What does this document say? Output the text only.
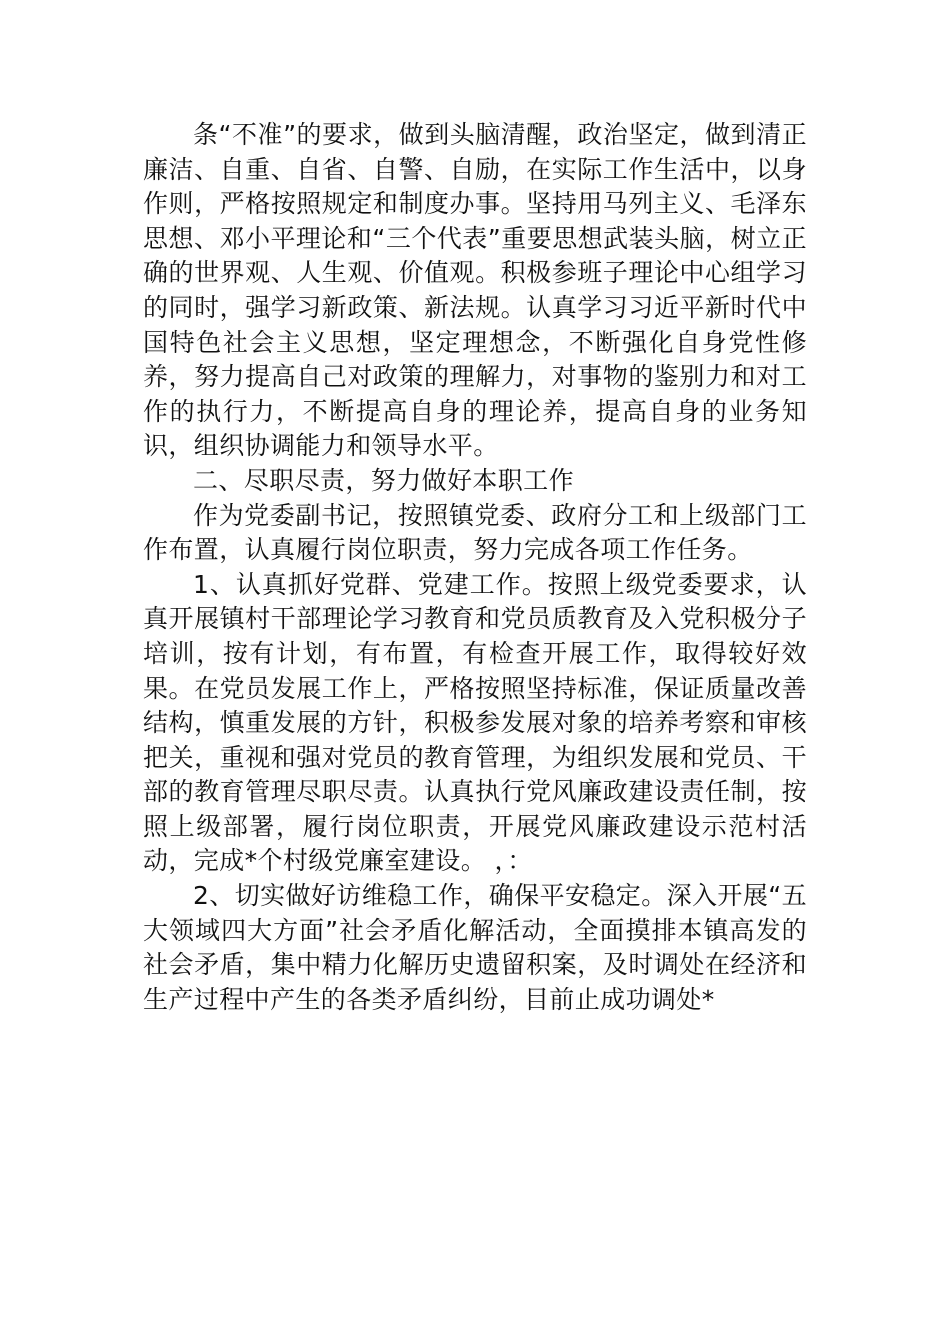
条“不准”的要求，做到头脑清醒，政治坚定，做到清正廉洁、自重、自省、自警、自励，在实际工作生活中，以身作则，严格按照规定和制度办事。坚持用马列主义、毛泽东思想、邓小平理论和“三个代表”重要思想武装头脑，树立正确的世界观、人生观、价值观。积极参班子理论中心组学习的同时，强学习新政策、新法规。认真学习习近平新时代中国特色社会主义思想，坚定理想念，不断强化自身党性修养，努力提高自己对政策的理解力，对事物的鉴别力和对工作的执行力，不断提高自身的理论养，提高自身的业务知识，组织协调能力和领导水平。

二、尽职尽责，努力做好本职工作

作为党委副书记，按照镇党委、政府分工和上级部门工作布置，认真履行岗位职责，努力完成各项工作任务。

1、认真抓好党群、党建工作。按照上级党委要求，认真开展镇村干部理论学习教育和党员质教育及入党积极分子培训，按有计划，有布置，有检查开展工作，取得较好效果。在党员发展工作上，严格按照坚持标准，保证质量改善结构，慎重发展的方针，积极参发展对象的培养考察和审核把关，重视和强对党员的教育管理，为组织发展和党员、干部的教育管理尽职尽责。认真执行党风廉政建设责任制，按照上级部署，履行岗位职责，开展党风廉政建设示范村活动，完成*个村级党廉室建设。 ，：

2、切实做好访维稳工作，确保平安稳定。深入开展“五大领域四大方面”社会矛盾化解活动，全面摸排本镇高发的社会矛盾，集中精力化解历史遗留积案，及时调处在经济和生产过程中产生的各类矛盾纠纷，目前止成功调处*
